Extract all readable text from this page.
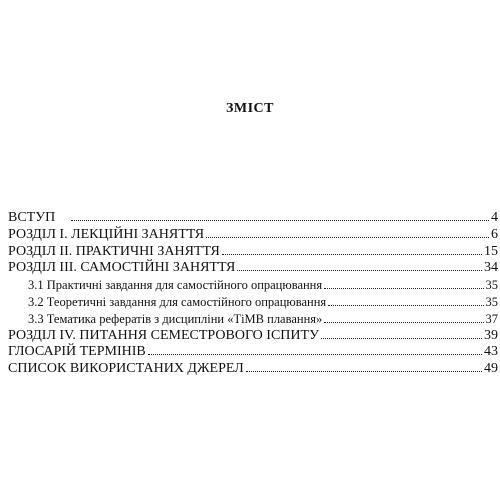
ЗМІСТ
ВСТУП	4
РОЗДІЛ І. ЛЕКЦІЙНІ ЗАНЯТТЯ	6
РОЗДІЛ ІІ. ПРАКТИЧНІ ЗАНЯТТЯ	15
РОЗДІЛ ІІІ. САМОСТІЙНІ ЗАНЯТТЯ	34
3.1 Практичні завдання для самостійного опрацювання	35
3.2 Теоретичні завдання для самостійного опрацювання	35
3.3 Тематика рефератів з дисципліни «ТіМВ плавання»	37
РОЗДІЛ ІV. ПИТАННЯ СЕМЕСТРОВОГО ІСПИТУ	39
ГЛОСАРІЙ ТЕРМІНІВ	43
СПИСОК ВИКОРИСТАНИХ ДЖЕРЕЛ	49
